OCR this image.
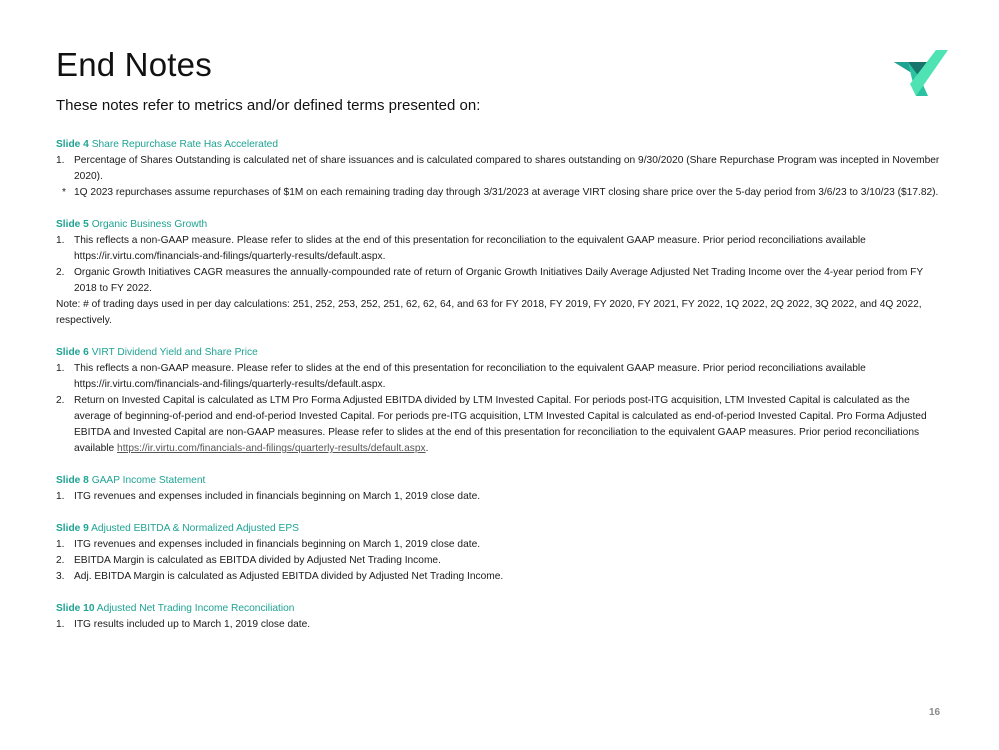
End Notes
These notes refer to metrics and/or defined terms presented on:
Slide 4 Share Repurchase Rate Has Accelerated
1. Percentage of Shares Outstanding is calculated net of share issuances and is calculated compared to shares outstanding on 9/30/2020 (Share Repurchase Program was incepted in November 2020).
* 1Q 2023 repurchases assume repurchases of $1M on each remaining trading day through 3/31/2023 at average VIRT closing share price over the 5-day period from 3/6/23 to 3/10/23 ($17.82).
Slide 5 Organic Business Growth
1. This reflects a non-GAAP measure. Please refer to slides at the end of this presentation for reconciliation to the equivalent GAAP measure. Prior period reconciliations available https://ir.virtu.com/financials-and-filings/quarterly-results/default.aspx.
2. Organic Growth Initiatives CAGR measures the annually-compounded rate of return of Organic Growth Initiatives Daily Average Adjusted Net Trading Income over the 4-year period from FY 2018 to FY 2022.
Note: # of trading days used in per day calculations: 251, 252, 253, 252, 251, 62, 62, 64, and 63 for FY 2018, FY 2019, FY 2020, FY 2021, FY 2022, 1Q 2022, 2Q 2022, 3Q 2022, and 4Q 2022, respectively.
Slide 6 VIRT Dividend Yield and Share Price
1. This reflects a non-GAAP measure. Please refer to slides at the end of this presentation for reconciliation to the equivalent GAAP measure. Prior period reconciliations available https://ir.virtu.com/financials-and-filings/quarterly-results/default.aspx.
2. Return on Invested Capital is calculated as LTM Pro Forma Adjusted EBITDA divided by LTM Invested Capital. For periods post-ITG acquisition, LTM Invested Capital is calculated as the average of beginning-of-period and end-of-period Invested Capital. For periods pre-ITG acquisition, LTM Invested Capital is calculated as end-of-period Invested Capital. Pro Forma Adjusted EBITDA and Invested Capital are non-GAAP measures. Please refer to slides at the end of this presentation for reconciliation to the equivalent GAAP measures. Prior period reconciliations available https://ir.virtu.com/financials-and-filings/quarterly-results/default.aspx.
Slide 8 GAAP Income Statement
1. ITG revenues and expenses included in financials beginning on March 1, 2019 close date.
Slide 9 Adjusted EBITDA & Normalized Adjusted EPS
1. ITG revenues and expenses included in financials beginning on March 1, 2019 close date.
2. EBITDA Margin is calculated as EBITDA divided by Adjusted Net Trading Income.
3. Adj. EBITDA Margin is calculated as Adjusted EBITDA divided by Adjusted Net Trading Income.
Slide 10 Adjusted Net Trading Income Reconciliation
1. ITG results included up to March 1, 2019 close date.
16
